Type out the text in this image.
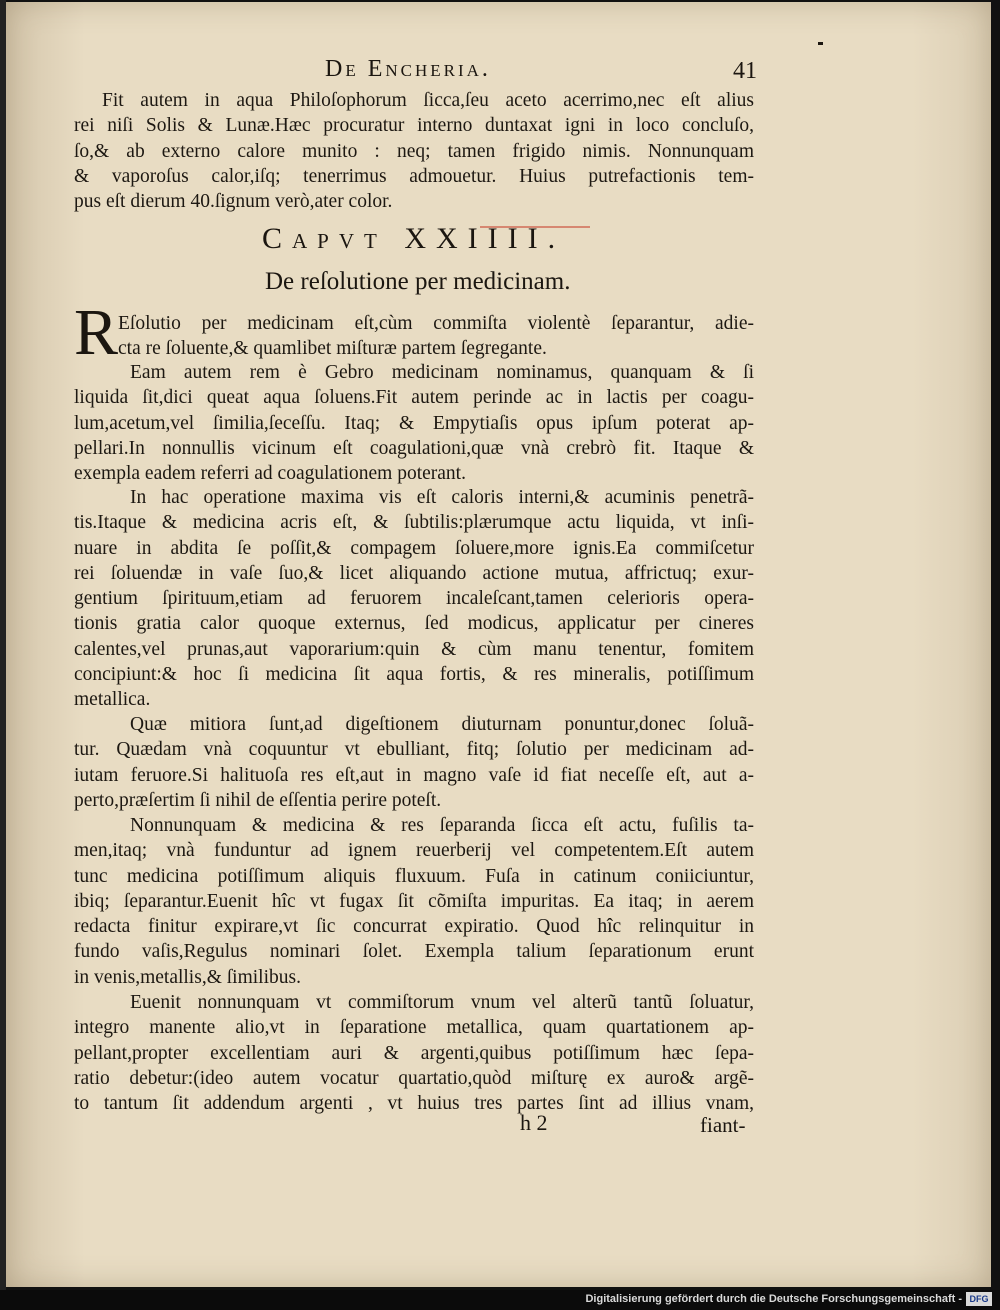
De Encheria.	41
Fit autem in aqua Philoſophorum ſicca,ſeu aceto acerrimo,nec eſt alius
rei niſi Solis & Lunæ.Hæc procuratur interno duntaxat igni in loco concluſo,
ſo,& ab externo calore munito : neq; tamen frigido nimis. Nonnunquam
& vaporoſus calor,iſq; tenerrimus admouetur. Huius putrefactionis tem-
pus eſt dierum 40.ſignum verò,ater color.
Capvt XXIIII.
De reſolutione per medicinam.
R Eſolutio per medicinam eſt,cùm commiſta violentè ſeparantur, adie-
cta re ſoluente,& quamlibet miſturæ partem ſegregante.
Eam autem rem è Gebro medicinam nominamus, quanquam & ſi
liquida ſit,dici queat aqua ſoluens.Fit autem perinde ac in lactis per coagu-
lum,acetum,vel ſimilia,ſeceſſu. Itaq; & Empytiaſis opus ipſum poterat ap-
pellari.In nonnullis vicinum eſt coagulationi,quæ vnà crebrò fit. Itaque &
exempla eadem referri ad coagulationem poterant.
In hac operatione maxima vis eſt caloris interni,& acuminis penetrã-
tis.Itaque & medicina acris eſt, & ſubtilis:plærumque actu liquida, vt inſi-
nuare in abdita ſe poſſit,& compagem ſoluere,more ignis.Ea commiſcetur
rei ſoluendæ in vaſe ſuo,& licet aliquando actione mutua, affrictuq; exur-
gentium ſpirituum,etiam ad feruorem incaleſcant,tamen celerioris opera-
tionis gratia calor quoque externus, ſed modicus, applicatur per cineres
calentes,vel prunas,aut vaporarium:quin & cùm manu tenentur, fomitem
concipiunt:& hoc ſi medicina ſit aqua fortis, & res mineralis, potiſſimum
metallica.
Quæ mitiora ſunt,ad digeſtionem diuturnam ponuntur,donec ſoluã-
tur. Quædam vnà coquuntur vt ebulliant, fitq; ſolutio per medicinam ad-
iutam feruore.Si halituoſa res eſt,aut in magno vaſe id fiat neceſſe eſt, aut a-
perto,præſertim ſi nihil de eſſentia perire poteſt.
Nonnunquam & medicina & res ſeparanda ſicca eſt actu, fuſilis ta-
men,itaq; vnà funduntur ad ignem reuerberij vel competentem.Eſt autem
tunc medicina potiſſimum aliquis fluxuum. Fuſa in catinum coniiciuntur,
ibiq; ſeparantur.Euenit hîc vt fugax ſit cõmiſta impuritas. Ea itaq; in aerem
redacta finitur expirare,vt ſic concurrat expiratio. Quod hîc relinquitur in
fundo vaſis,Regulus nominari ſolet. Exempla talium ſeparationum erunt
in venis,metallis,& ſimilibus.
Euenit nonnunquam vt commiſtorum vnum vel alterũ tantũ ſoluatur,
integro manente alio,vt in ſeparatione metallica, quam quartationem ap-
pellant,propter excellentiam auri & argenti,quibus potiſſimum hæc ſepa-
ratio debetur:(ideo autem vocatur quartatio,quòd miſturę ex auro& argẽ-
to tantum ſit addendum argenti , vt huius tres partes ſint ad illius vnam,
h 2	fiant-
Digitalisierung gefördert durch die Deutsche Forschungsgemeinschaft - DFG
